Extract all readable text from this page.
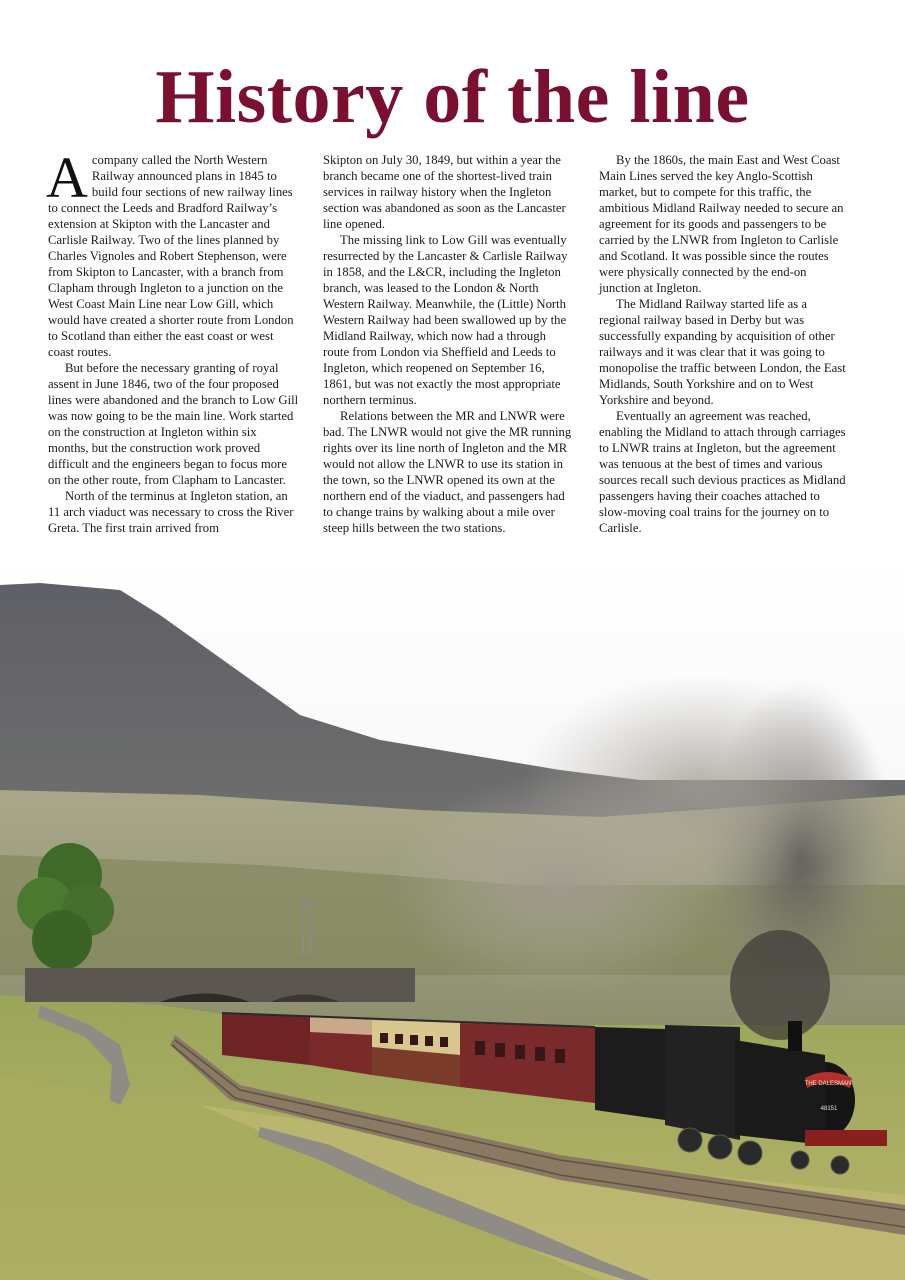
History of the line

Acompany called the North Western Railway announced plans in 1845 to build four sections of new railway lines to connect the Leeds and Bradford Railway’s extension at Skipton with the Lancaster and Carlisle Railway. Two of the lines planned by Charles Vignoles and Robert Stephenson, were from Skipton to Lancaster, with a branch from Clapham through Ingleton to a junction on the West Coast Main Line near Low Gill, which would have created a shorter route from London to Scotland than either the east coast or west coast routes.

But before the necessary granting of royal assent in June 1846, two of the four proposed lines were abandoned and the branch to Low Gill was now going to be the main line. Work started on the construction at Ingleton within six months, but the construction work proved difficult and the engineers began to focus more on the other route, from Clapham to Lancaster.

North of the terminus at Ingleton station, an 11 arch viaduct was necessary to cross the River Greta. The first train arrived from

Skipton on July 30, 1849, but within a year the branch became one of the shortest-lived train services in railway history when the Ingleton section was abandoned as soon as the Lancaster line opened.

The missing link to Low Gill was eventually resurrected by the Lancaster & Carlisle Railway in 1858, and the L&CR, including the Ingleton branch, was leased to the London & North Western Railway. Meanwhile, the (Little) North Western Railway had been swallowed up by the Midland Railway, which now had a through route from London via Sheffield and Leeds to Ingleton, which reopened on September 16, 1861, but was not exactly the most appropriate northern terminus.

Relations between the MR and LNWR were bad. The LNWR would not give the MR running rights over its line north of Ingleton and the MR would not allow the LNWR to use its station in the town, so the LNWR opened its own at the northern end of the viaduct, and passengers had to change trains by walking about a mile over steep hills between the two stations.

By the 1860s, the main East and West Coast Main Lines served the key Anglo-Scottish market, but to compete for this traffic, the ambitious Midland Railway needed to secure an agreement for its goods and passengers to be carried by the LNWR from Ingleton to Carlisle and Scotland. It was possible since the routes were physically connected by the end-on junction at Ingleton.

The Midland Railway started life as a regional railway based in Derby but was successfully expanding by acquisition of other railways and it was clear that it was going to monopolise the traffic between London, the East Midlands, South Yorkshire and on to West Yorkshire and beyond.

Eventually an agreement was reached, enabling the Midland to attach through carriages to LNWR trains at Ingleton, but the agreement was tenuous at the best of times and various sources recall such devious practices as Midland passengers having their coaches attached to slow-moving coal trains for the journey on to Carlisle.

THE DALESMAN
48151
